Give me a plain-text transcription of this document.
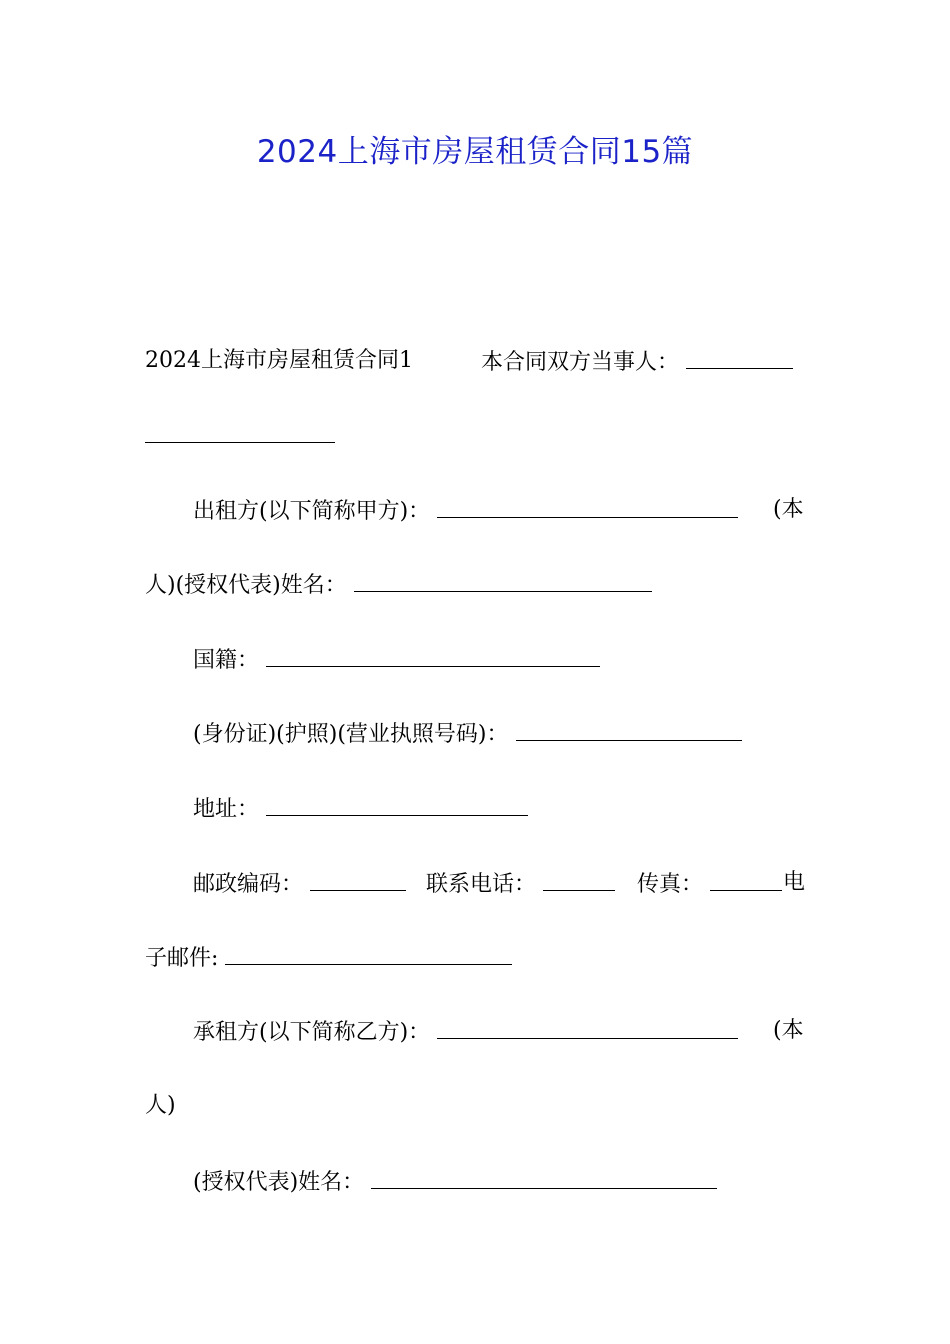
2024上海市房屋租赁合同15篇
2024上海市房屋租赁合同1	本合同双方当事人：
出租方(以下简称甲方)：	(本
人)(授权代表)姓名：
国籍：
(身份证)(护照)(营业执照号码)：
地址：
邮政编码：	联系电话：	传真：	电
子邮件:
承租方(以下简称乙方)：	(本
人)
(授权代表)姓名：
